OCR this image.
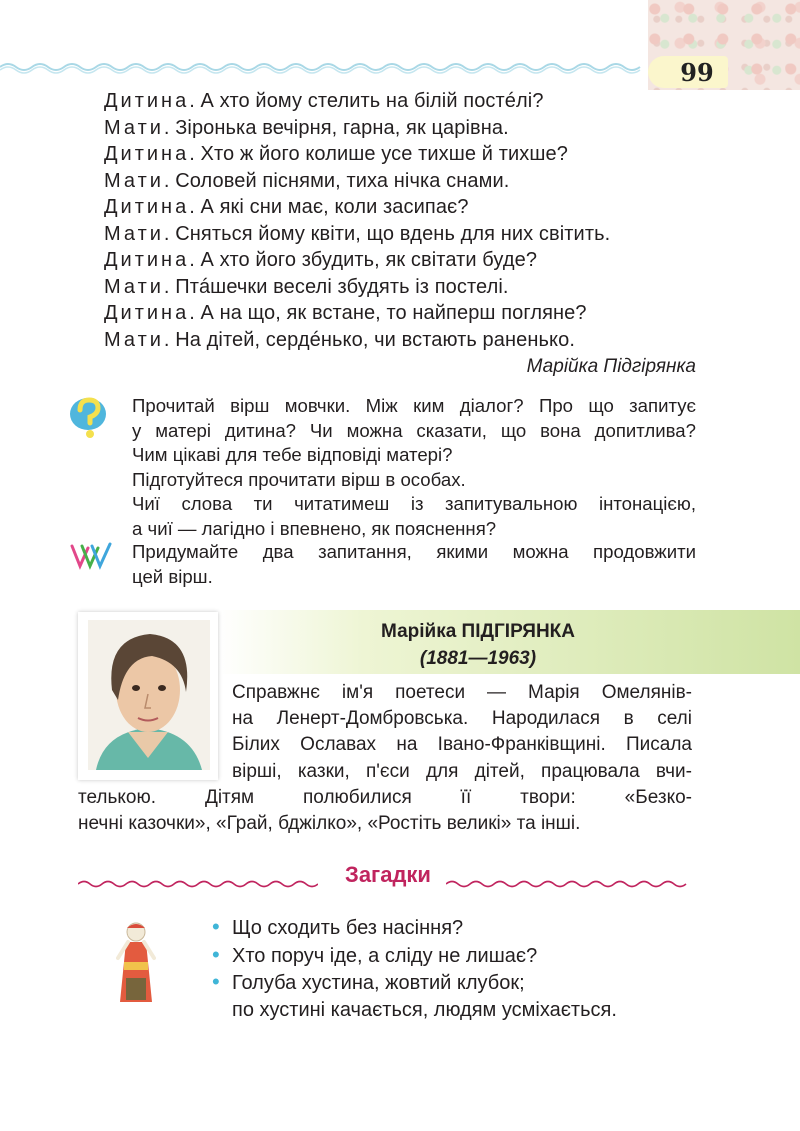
99
Дитина. А хто йому стелить на білій постéлі?
Мати. Зіронька вечірня, гарна, як царівна.
Дитина. Хто ж його колише усе тихше й тихше?
Мати. Соловей піснями, тиха нічка снами.
Дитина. А які сни має, коли засипає?
Мати. Сняться йому квіти, що вдень для них світить.
Дитина. А хто його збудить, як світати буде?
Мати. Птáшечки веселі збудять із постелі.
Дитина. А на що, як встане, то найперш погляне?
Мати. На дітей, сердéнько, чи встають раненько.
Марійка Підгірянка
Прочитай вірш мовчки. Між ким діалог? Про що запитує
у матері дитина? Чи можна сказати, що вона допитлива?
Чим цікаві для тебе відповіді матері?
Підготуйтеся прочитати вірш в особах.
Чиї слова ти читатимеш із запитувальною інтонацією,
а чиї — лагідно і впевнено, як пояснення?
Придумайте два запитання, якими можна продовжити
цей вірш.
Марійка ПІДГІРЯНКА
(1881—1963)
Справжнє ім'я поетеси — Марія Омелянів-
на Ленерт-Домбровська. Народилася в селі
Білих Ославах на Івано-Франківщині. Писала
вірші, казки, п'єси для дітей, працювала вчи-
телькою. Дітям полюбилися її твори: «Безко-
нечні казочки», «Грай, бджілко», «Ростіть великі» та інші.
Загадки
• Що сходить без насіння?
• Хто поруч іде, а сліду не лишає?
• Голуба хустина, жовтий клубок;
по хустині качається, людям усміхається.
